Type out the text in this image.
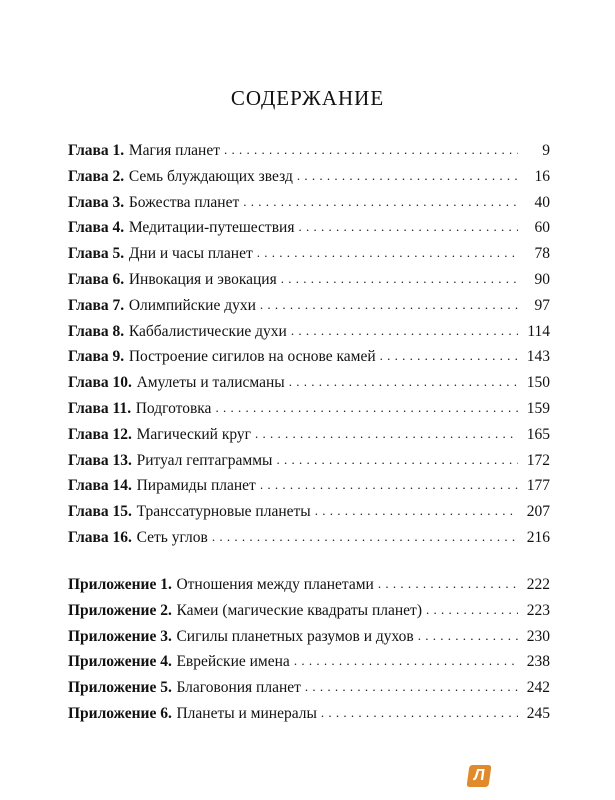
СОДЕРЖАНИЕ
Глава 1. Магия планет . . .	9
Глава 2. Семь блуждающих звезд . . .	16
Глава 3. Божества планет . . .	40
Глава 4. Медитации-путешествия . . .	60
Глава 5. Дни и часы планет . . .	78
Глава 6. Инвокация и эвокация . . .	90
Глава 7. Олимпийские духи . . .	97
Глава 8. Каббалистические духи . . .	114
Глава 9. Построение сигилов на основе камей . . .	143
Глава 10. Амулеты и талисманы . . .	150
Глава 11. Подготовка . . .	159
Глава 12. Магический круг . . .	165
Глава 13. Ритуал гептаграммы . . .	172
Глава 14. Пирамиды планет . . .	177
Глава 15. Транссатурновые планеты . . .	207
Глава 16. Сеть углов . . .	216
Приложение 1. Отношения между планетами . . .	222
Приложение 2. Камеи (магические квадраты планет) . . .	223
Приложение 3. Сигилы планетных разумов и духов . . .	230
Приложение 4. Еврейские имена . . .	238
Приложение 5. Благовония планет . . .	242
Приложение 6. Планеты и минералы . . .	245
Л
